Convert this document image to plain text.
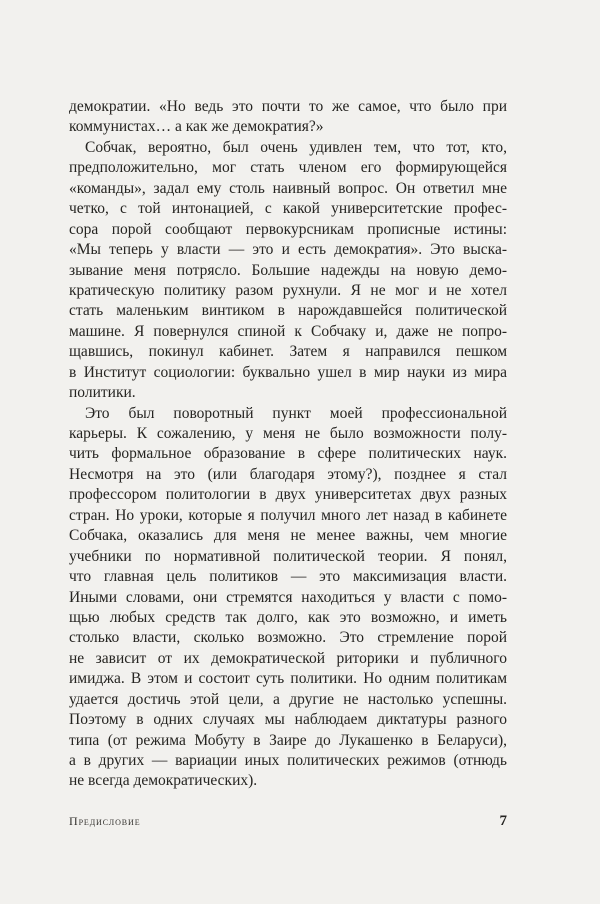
демократии. «Но ведь это почти то же самое, что было при
коммунистах… а как же демократия?»
Собчак, вероятно, был очень удивлен тем, что тот, кто,
предположительно, мог стать членом его формирующейся
«команды», задал ему столь наивный вопрос. Он ответил мне
четко, с той интонацией, с какой университетские профес-
сора порой сообщают первокурсникам прописные истины:
«Мы теперь у власти — это и есть демократия». Это выска-
зывание меня потрясло. Большие надежды на новую демо-
кратическую политику разом рухнули. Я не мог и не хотел
стать маленьким винтиком в нарождавшейся политической
машине. Я повернулся спиной к Собчаку и, даже не попро-
щавшись, покинул кабинет. Затем я направился пешком
в Институт социологии: буквально ушел в мир науки из мира
политики.
Это был поворотный пункт моей профессиональной
карьеры. К сожалению, у меня не было возможности полу-
чить формальное образование в сфере политических наук.
Несмотря на это (или благодаря этому?), позднее я стал
профессором политологии в двух университетах двух разных
стран. Но уроки, которые я получил много лет назад в кабинете
Собчака, оказались для меня не менее важны, чем многие
учебники по нормативной политической теории. Я понял,
что главная цель политиков — это максимизация власти.
Иными словами, они стремятся находиться у власти с помо-
щью любых средств так долго, как это возможно, и иметь
столько власти, сколько возможно. Это стремление порой
не зависит от их демократической риторики и публичного
имиджа. В этом и состоит суть политики. Но одним политикам
удается достичь этой цели, а другие не настолько успешны.
Поэтому в одних случаях мы наблюдаем диктатуры разного
типа (от режима Мобуту в Заире до Лукашенко в Беларуси),
а в других — вариации иных политических режимов (отнюдь
не всегда демократических).
Предисловие	7
